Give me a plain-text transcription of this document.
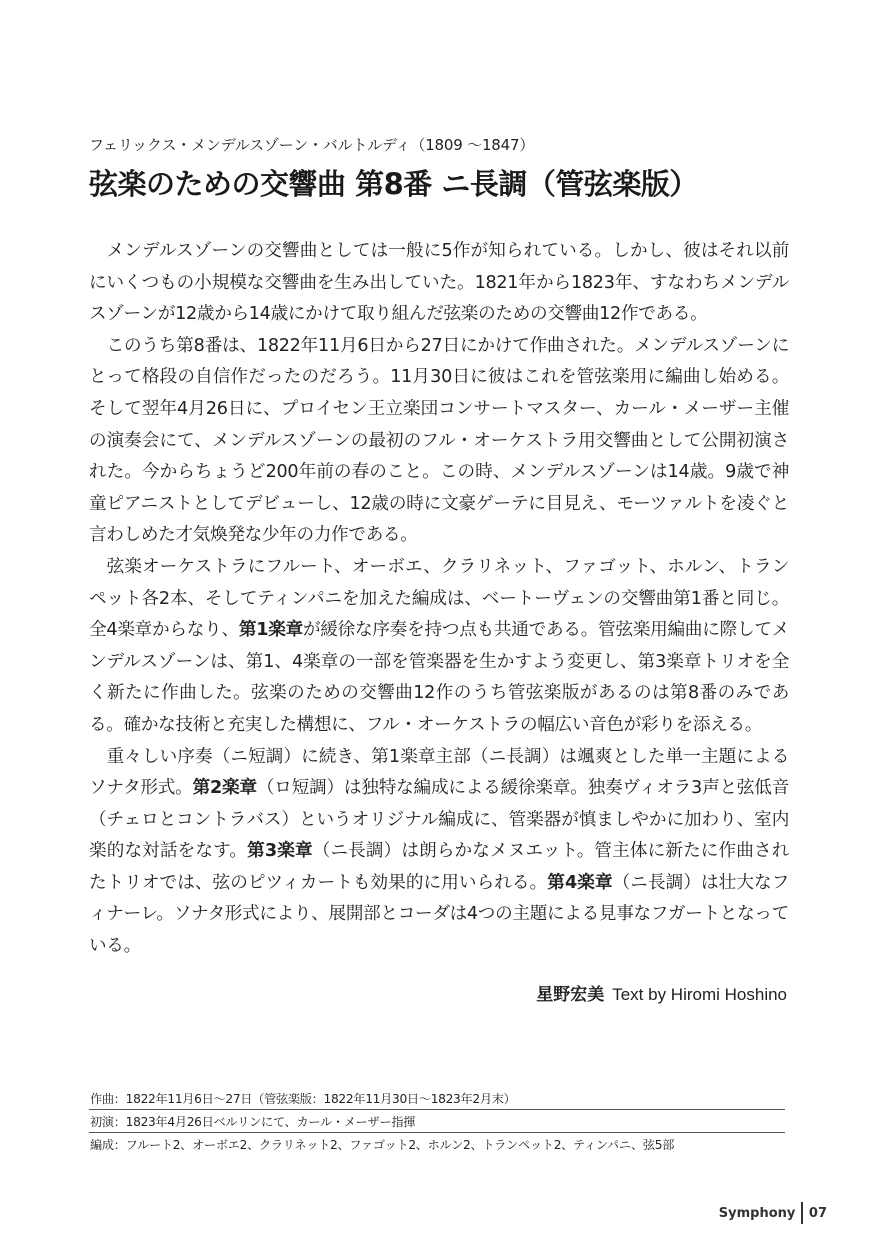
フェリックス・メンデルスゾーン・バルトルディ（1809 〜1847）
弦楽のための交響曲 第8番 ニ長調（管弦楽版）

メンデルスゾーンの交響曲としては一般に5作が知られている。しかし、彼はそれ以前にいくつもの小規模な交響曲を生み出していた。1821年から1823年、すなわちメンデルスゾーンが12歳から14歳にかけて取り組んだ弦楽のための交響曲12作である。

このうち第8番は、1822年11月6日から27日にかけて作曲された。メンデルスゾーンにとって格段の自信作だったのだろう。11月30日に彼はこれを管弦楽用に編曲し始める。そして翌年4月26日に、プロイセン王立楽団コンサートマスター、カール・メーザー主催の演奏会にて、メンデルスゾーンの最初のフル・オーケストラ用交響曲として公開初演された。今からちょうど200年前の春のこと。この時、メンデルスゾーンは14歳。9歳で神童ピアニストとしてデビューし、12歳の時に文豪ゲーテに目見え、モーツァルトを凌ぐと言わしめた才気煥発な少年の力作である。

弦楽オーケストラにフルート、オーボエ、クラリネット、ファゴット、ホルン、トランペット各2本、そしてティンパニを加えた編成は、ベートーヴェンの交響曲第1番と同じ。全4楽章からなり、第1楽章が緩徐な序奏を持つ点も共通である。管弦楽用編曲に際してメンデルスゾーンは、第1、4楽章の一部を管楽器を生かすよう変更し、第3楽章トリオを全く新たに作曲した。弦楽のための交響曲12作のうち管弦楽版があるのは第8番のみである。確かな技術と充実した構想に、フル・オーケストラの幅広い音色が彩りを添える。

重々しい序奏（ニ短調）に続き、第1楽章主部（ニ長調）は颯爽とした単一主題によるソナタ形式。第2楽章（ロ短調）は独特な編成による緩徐楽章。独奏ヴィオラ3声と弦低音（チェロとコントラバス）というオリジナル編成に、管楽器が慎ましやかに加わり、室内楽的な対話をなす。第3楽章（ニ長調）は朗らかなメヌエット。管主体に新たに作曲されたトリオでは、弦のピツィカートも効果的に用いられる。第4楽章（ニ長調）は壮大なフィナーレ。ソナタ形式により、展開部とコーダは4つの主題による見事なフガートとなっている。

星野宏美 Text by Hiromi Hoshino
作曲：1822年11月6日〜27日（管弦楽版：1822年11月30日〜1823年2月末）
初演：1823年4月26日ベルリンにて、カール・メーザー指揮
編成：フルート2、オーボエ2、クラリネット2、ファゴット2、ホルン2、トランペット2、ティンパニ、弦5部
Symphony 07
